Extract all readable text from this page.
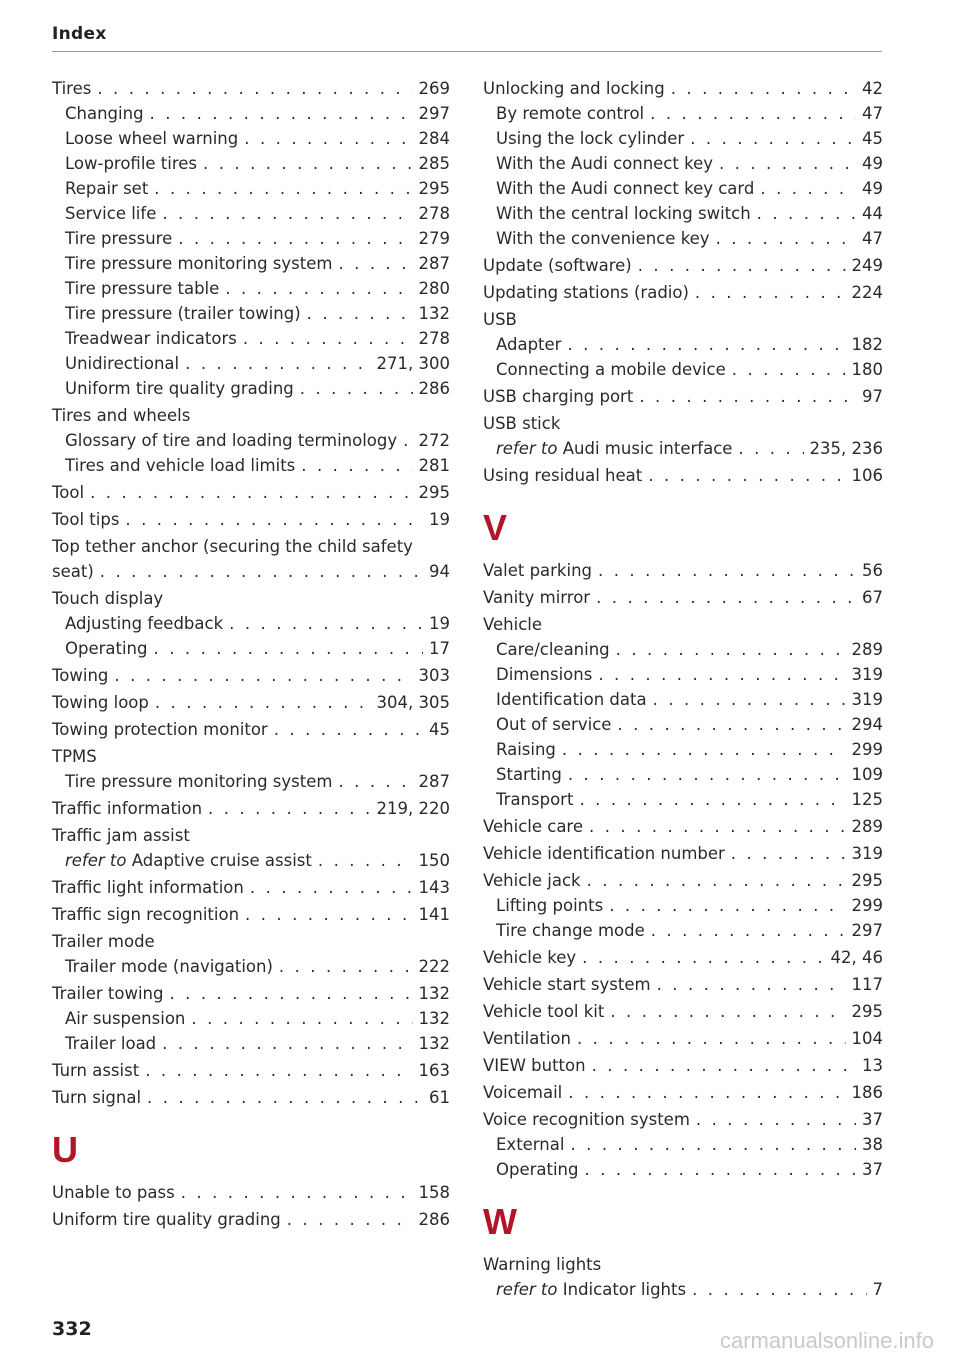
Index
Tires . . .	269
Changing . . .	297
Loose wheel warning . . .	284
Low-profile tires . . .	285
Repair set . . .	295
Service life . . .	278
Tire pressure . . .	279
Tire pressure monitoring system . . .	287
Tire pressure table . . .	280
Tire pressure (trailer towing) . . .	132
Treadwear indicators . . .	278
Unidirectional . . .	271, 300
Uniform tire quality grading . . .	286
Tires and wheels
Glossary of tire and loading terminology . . . 272
Tires and vehicle load limits . . .	281
Tool . . .	295
Tool tips . . .	19
Top tether anchor (securing the child safety
seat) . . .	94
Touch display
Adjusting feedback . . .	19
Operating . . .	17
Towing . . .	303
Towing loop . . .	304, 305
Towing protection monitor . . .	45
TPMS
Tire pressure monitoring system . . .	287
Traffic information . . .	219, 220
Traffic jam assist
refer to Adaptive cruise assist . . .	150
Traffic light information . . .	143
Traffic sign recognition . . .	141
Trailer mode
Trailer mode (navigation) . . .	222
Trailer towing . . .	132
Air suspension . . .	132
Trailer load . . .	132
Turn assist . . .	163
Turn signal . . .	61
U
Unable to pass . . .	158
Uniform tire quality grading . . .	286
Unlocking and locking . . .	42
By remote control . . .	47
Using the lock cylinder . . .	45
With the Audi connect key . . .	49
With the Audi connect key card . . .	49
With the central locking switch . . .	44
With the convenience key . . .	47
Update (software) . . .	249
Updating stations (radio) . . .	224
USB
Adapter . . .	182
Connecting a mobile device . . .	180
USB charging port . . .	97
USB stick
refer to Audi music interface . . .	235, 236
Using residual heat . . .	106
V
Valet parking . . .	56
Vanity mirror . . .	67
Vehicle
Care/cleaning . . .	289
Dimensions . . .	319
Identification data . . .	319
Out of service . . .	294
Raising . . .	299
Starting . . .	109
Transport . . .	125
Vehicle care . . .	289
Vehicle identification number . . .	319
Vehicle jack . . .	295
Lifting points . . .	299
Tire change mode . . .	297
Vehicle key . . .	42, 46
Vehicle start system . . .	117
Vehicle tool kit . . .	295
Ventilation . . .	104
VIEW button . . .	13
Voicemail . . .	186
Voice recognition system . . .	37
External . . .	38
Operating . . .	37
W
Warning lights
refer to Indicator lights . . .	7
332	carmanualsonline.info
